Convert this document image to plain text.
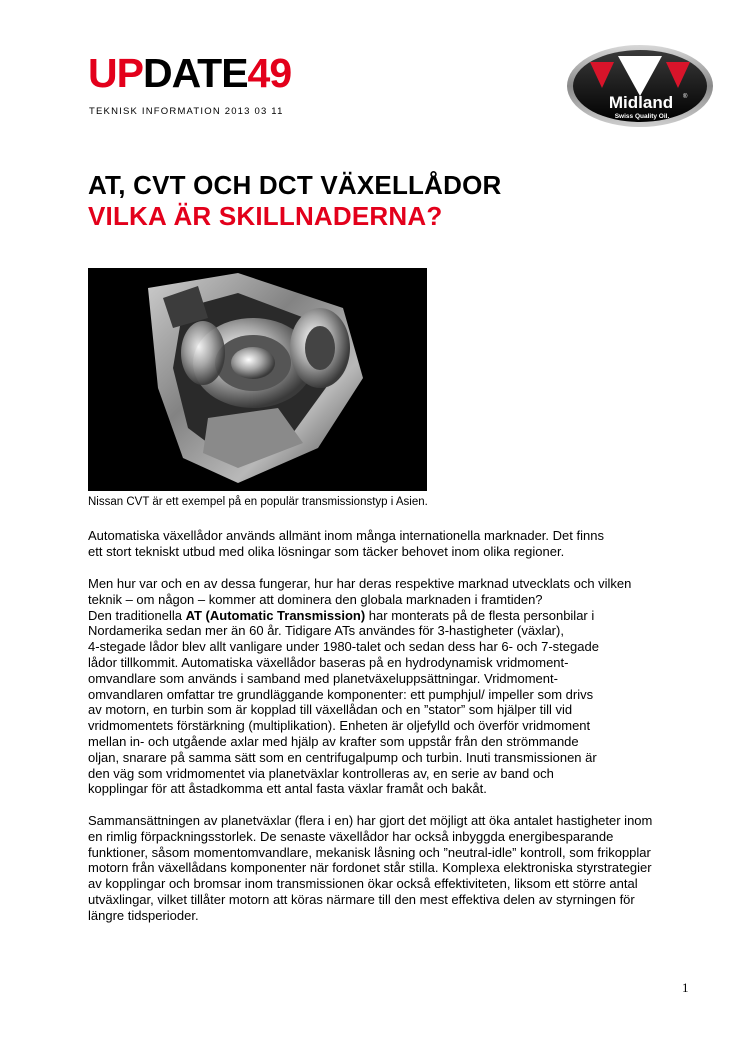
UPDATE49
TEKNISK INFORMATION 2013 03 11	Midland ®
Swiss Quality Oil.
AT, CVT OCH DCT VÄXELLÅDOR
VILKA ÄR SKILLNADERNA?
Nissan CVT är ett exempel på en populär transmissionstyp i Asien.
Automatiska växellådor används allmänt inom många internationella marknader. Det finns
ett stort tekniskt utbud med olika lösningar som täcker behovet inom olika regioner.
Men hur var och en av dessa fungerar, hur har deras respektive marknad utvecklats och vilken
teknik – om någon – kommer att dominera den globala marknaden i framtiden?
Den traditionella AT (Automatic Transmission) har monterats på de flesta personbilar i
Nordamerika sedan mer än 60 år. Tidigare ATs användes för 3-hastigheter (växlar),
4-stegade lådor blev allt vanligare under 1980-talet och sedan dess har 6- och 7-stegade
lådor tillkommit. Automatiska växellådor baseras på en hydrodynamisk vridmoment-
omvandlare som används i samband med planetväxeluppsättningar. Vridmoment-
omvandlaren omfattar tre grundläggande komponenter: ett pumphjul/ impeller som drivs
av motorn, en turbin som är kopplad till växellådan och en ”stator” som hjälper till vid
vridmomentets förstärkning (multiplikation). Enheten är oljefylld och överför vridmoment
mellan in- och utgående axlar med hjälp av krafter som uppstår från den strömmande
oljan, snarare på samma sätt som en centrifugalpump och turbin. Inuti transmissionen är
den väg som vridmomentet via planetväxlar kontrolleras av, en serie av band och
kopplingar för att åstadkomma ett antal fasta växlar framåt och bakåt.
Sammansättningen av planetväxlar (flera i en) har gjort det möjligt att öka antalet hastigheter inom
en rimlig förpackningsstorlek. De senaste växellådor har också inbyggda energibesparande
funktioner, såsom momentomvandlare, mekanisk låsning och ”neutral-idle” kontroll, som frikopplar
motorn från växellådans komponenter när fordonet står stilla. Komplexa elektroniska styrstrategier
av kopplingar och bromsar inom transmissionen ökar också effektiviteten, liksom ett större antal
utväxlingar, vilket tillåter motorn att köras närmare till den mest effektiva delen av styrningen för
längre tidsperioder.
1
